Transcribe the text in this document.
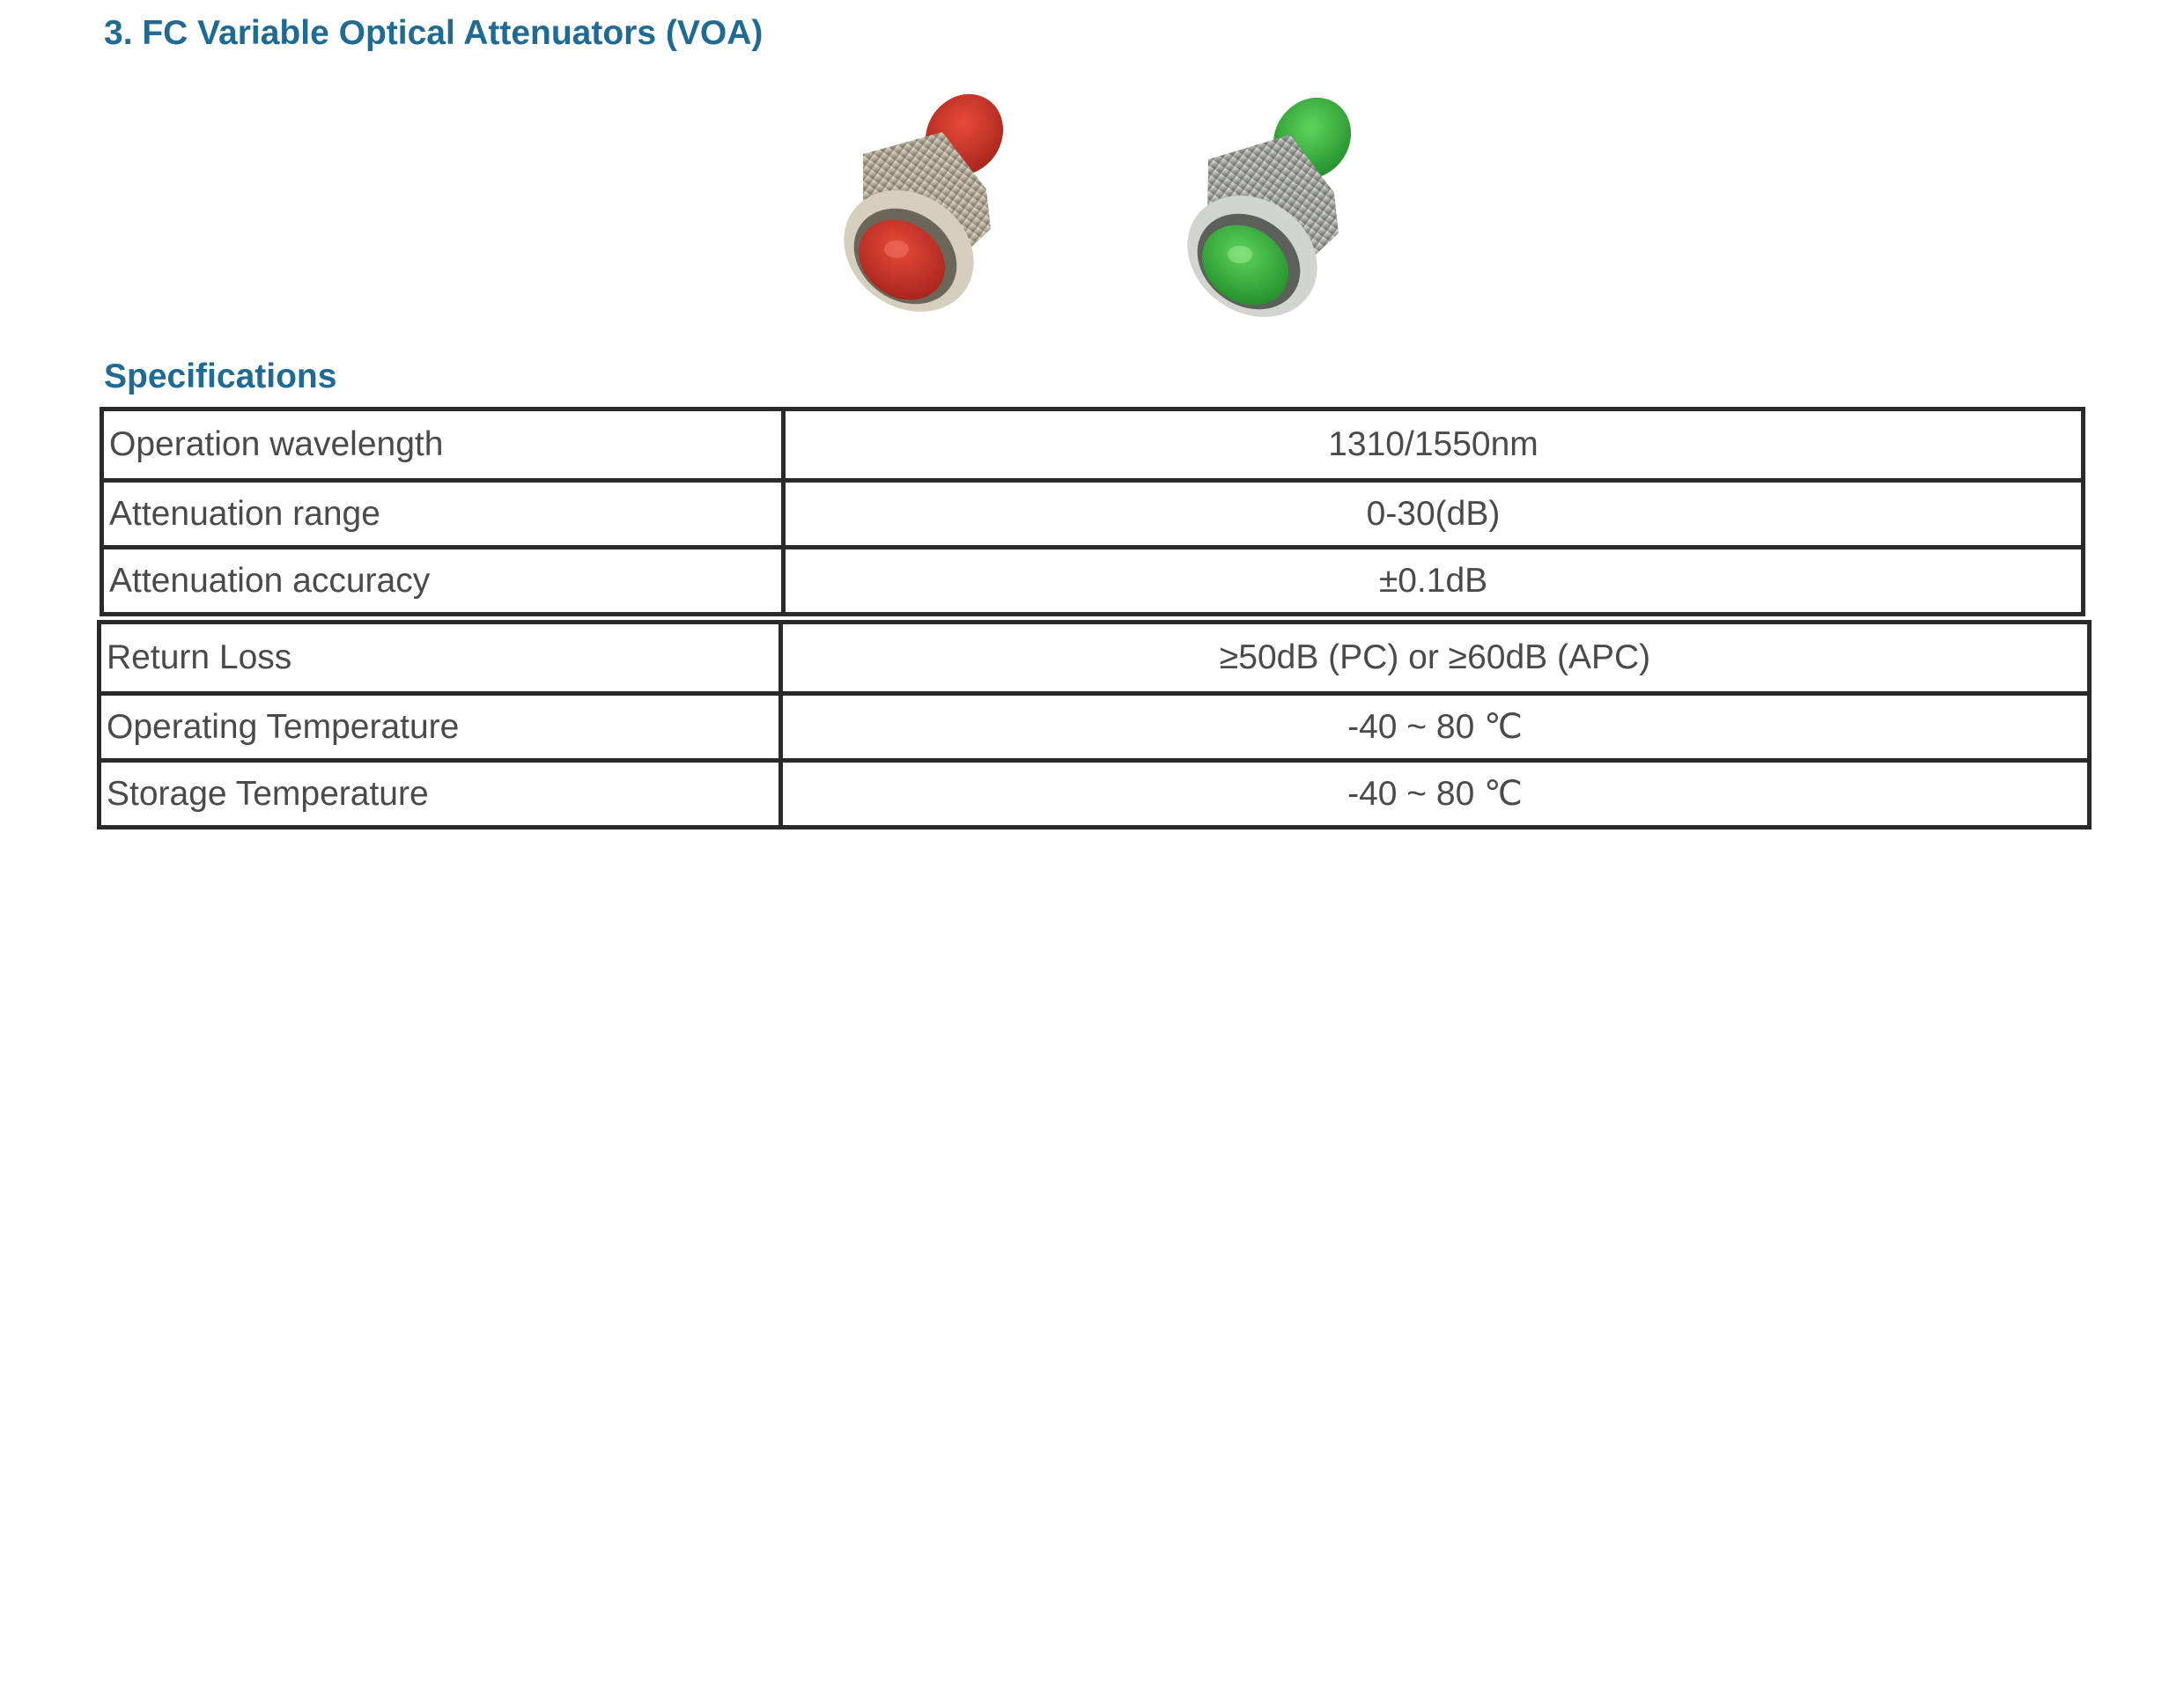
3. FC Variable Optical Attenuators (VOA)
Specifications
Operation wavelength	1310/1550nm
Attenuation range	0-30(dB)
Attenuation accuracy	±0.1dB
Return Loss	≥50dB (PC) or ≥60dB (APC)
Operating Temperature	-40 ~ 80 ℃
Storage Temperature	-40 ~ 80 ℃
